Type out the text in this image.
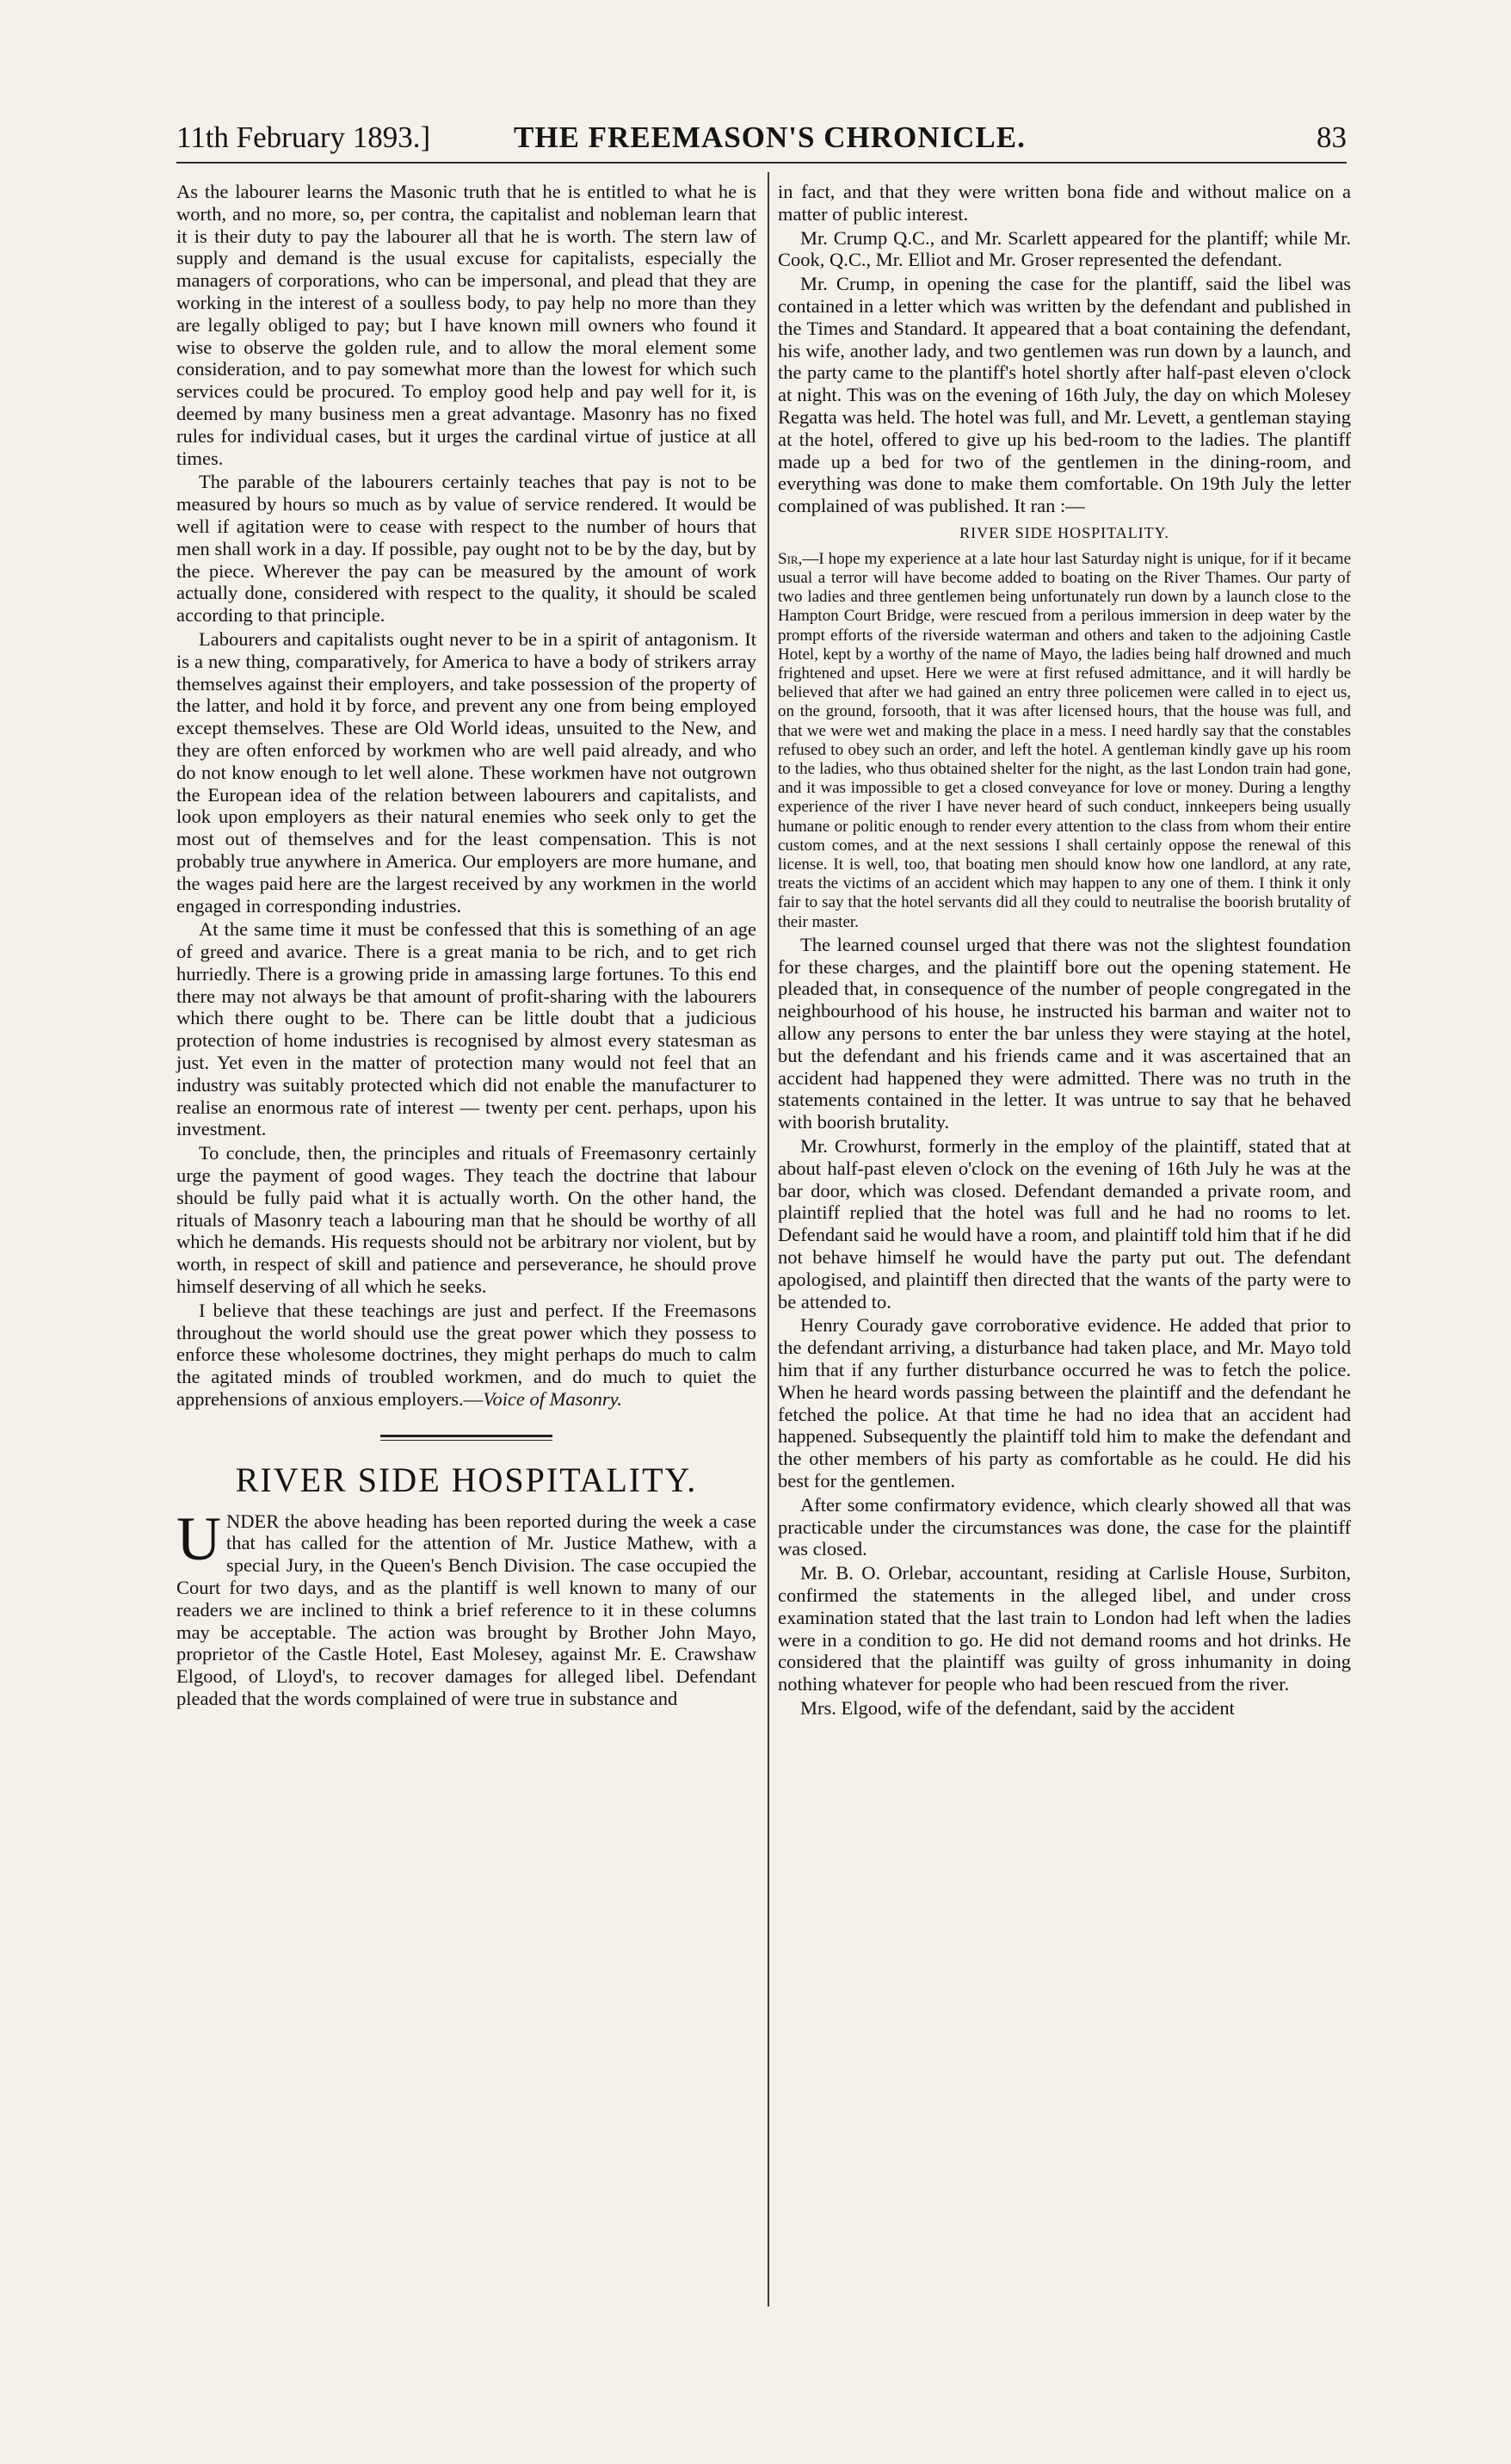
11th February 1893.]	THE FREEMASON'S CHRONICLE.	83

As the labourer learns the Masonic truth that he is entitled to what he is worth, and no more, so, per contra, the capitalist and nobleman learn that it is their duty to pay the labourer all that he is worth. The stern law of supply and demand is the usual excuse for capitalists, especially the managers of corporations, who can be impersonal, and plead that they are working in the interest of a soulless body, to pay help no more than they are legally obliged to pay; but I have known mill owners who found it wise to observe the golden rule, and to allow the moral element some consideration, and to pay somewhat more than the lowest for which such services could be procured. To employ good help and pay well for it, is deemed by many business men a great advantage. Masonry has no fixed rules for individual cases, but it urges the cardinal virtue of justice at all times.

The parable of the labourers certainly teaches that pay is not to be measured by hours so much as by value of service rendered. It would be well if agitation were to cease with respect to the number of hours that men shall work in a day. If possible, pay ought not to be by the day, but by the piece. Wherever the pay can be measured by the amount of work actually done, considered with respect to the quality, it should be scaled according to that principle.

Labourers and capitalists ought never to be in a spirit of antagonism. It is a new thing, comparatively, for America to have a body of strikers array themselves against their employers, and take possession of the property of the latter, and hold it by force, and prevent any one from being employed except themselves. These are Old World ideas, unsuited to the New, and they are often enforced by workmen who are well paid already, and who do not know enough to let well alone. These workmen have not outgrown the European idea of the relation between labourers and capitalists, and look upon employers as their natural enemies who seek only to get the most out of themselves and for the least compensation. This is not probably true anywhere in America. Our employers are more humane, and the wages paid here are the largest received by any workmen in the world engaged in corresponding industries.

At the same time it must be confessed that this is something of an age of greed and avarice. There is a great mania to be rich, and to get rich hurriedly. There is a growing pride in amassing large fortunes. To this end there may not always be that amount of profit-sharing with the labourers which there ought to be. There can be little doubt that a judicious protection of home industries is recognised by almost every statesman as just. Yet even in the matter of protection many would not feel that an industry was suitably protected which did not enable the manufacturer to realise an enormous rate of interest — twenty per cent. perhaps, upon his investment.

To conclude, then, the principles and rituals of Freemasonry certainly urge the payment of good wages. They teach the doctrine that labour should be fully paid what it is actually worth. On the other hand, the rituals of Masonry teach a labouring man that he should be worthy of all which he demands. His requests should not be arbitrary nor violent, but by worth, in respect of skill and patience and perseverance, he should prove himself deserving of all which he seeks.

I believe that these teachings are just and perfect. If the Freemasons throughout the world should use the great power which they possess to enforce these wholesome doctrines, they might perhaps do much to calm the agitated minds of troubled workmen, and do much to quiet the apprehensions of anxious employers.—Voice of Masonry.

RIVER SIDE HOSPITALITY.

UNDER the above heading has been reported during the week a case that has called for the attention of Mr. Justice Mathew, with a special Jury, in the Queen's Bench Division. The case occupied the Court for two days, and as the plantiff is well known to many of our readers we are inclined to think a brief reference to it in these columns may be acceptable. The action was brought by Brother John Mayo, proprietor of the Castle Hotel, East Molesey, against Mr. E. Crawshaw Elgood, of Lloyd's, to recover damages for alleged libel. Defendant pleaded that the words complained of were true in substance and

in fact, and that they were written bona fide and without malice on a matter of public interest.

Mr. Crump Q.C., and Mr. Scarlett appeared for the plantiff; while Mr. Cook, Q.C., Mr. Elliot and Mr. Groser represented the defendant.

Mr. Crump, in opening the case for the plantiff, said the libel was contained in a letter which was written by the defendant and published in the Times and Standard. It appeared that a boat containing the defendant, his wife, another lady, and two gentlemen was run down by a launch, and the party came to the plantiff's hotel shortly after half-past eleven o'clock at night. This was on the evening of 16th July, the day on which Molesey Regatta was held. The hotel was full, and Mr. Levett, a gentleman staying at the hotel, offered to give up his bed-room to the ladies. The plantiff made up a bed for two of the gentlemen in the dining-room, and everything was done to make them comfortable. On 19th July the letter complained of was published. It ran :—

RIVER SIDE HOSPITALITY.

Sir,—I hope my experience at a late hour last Saturday night is unique, for if it became usual a terror will have become added to boating on the River Thames. Our party of two ladies and three gentlemen being unfortunately run down by a launch close to the Hampton Court Bridge, were rescued from a perilous immersion in deep water by the prompt efforts of the riverside waterman and others and taken to the adjoining Castle Hotel, kept by a worthy of the name of Mayo, the ladies being half drowned and much frightened and upset. Here we were at first refused admittance, and it will hardly be believed that after we had gained an entry three policemen were called in to eject us, on the ground, forsooth, that it was after licensed hours, that the house was full, and that we were wet and making the place in a mess. I need hardly say that the constables refused to obey such an order, and left the hotel. A gentleman kindly gave up his room to the ladies, who thus obtained shelter for the night, as the last London train had gone, and it was impossible to get a closed conveyance for love or money. During a lengthy experience of the river I have never heard of such conduct, innkeepers being usually humane or politic enough to render every attention to the class from whom their entire custom comes, and at the next sessions I shall certainly oppose the renewal of this license. It is well, too, that boating men should know how one landlord, at any rate, treats the victims of an accident which may happen to any one of them. I think it only fair to say that the hotel servants did all they could to neutralise the boorish brutality of their master.

The learned counsel urged that there was not the slightest foundation for these charges, and the plaintiff bore out the opening statement. He pleaded that, in consequence of the number of people congregated in the neighbourhood of his house, he instructed his barman and waiter not to allow any persons to enter the bar unless they were staying at the hotel, but the defendant and his friends came and it was ascertained that an accident had happened they were admitted. There was no truth in the statements contained in the letter. It was untrue to say that he behaved with boorish brutality.

Mr. Crowhurst, formerly in the employ of the plaintiff, stated that at about half-past eleven o'clock on the evening of 16th July he was at the bar door, which was closed. Defendant demanded a private room, and plaintiff replied that the hotel was full and he had no rooms to let. Defendant said he would have a room, and plaintiff told him that if he did not behave himself he would have the party put out. The defendant apologised, and plaintiff then directed that the wants of the party were to be attended to.

Henry Courady gave corroborative evidence. He added that prior to the defendant arriving, a disturbance had taken place, and Mr. Mayo told him that if any further disturbance occurred he was to fetch the police. When he heard words passing between the plaintiff and the defendant he fetched the police. At that time he had no idea that an accident had happened. Subsequently the plaintiff told him to make the defendant and the other members of his party as comfortable as he could. He did his best for the gentlemen.

After some confirmatory evidence, which clearly showed all that was practicable under the circumstances was done, the case for the plaintiff was closed.

Mr. B. O. Orlebar, accountant, residing at Carlisle House, Surbiton, confirmed the statements in the alleged libel, and under cross examination stated that the last train to London had left when the ladies were in a condition to go. He did not demand rooms and hot drinks. He considered that the plaintiff was guilty of gross inhumanity in doing nothing whatever for people who had been rescued from the river.

Mrs. Elgood, wife of the defendant, said by the accident
